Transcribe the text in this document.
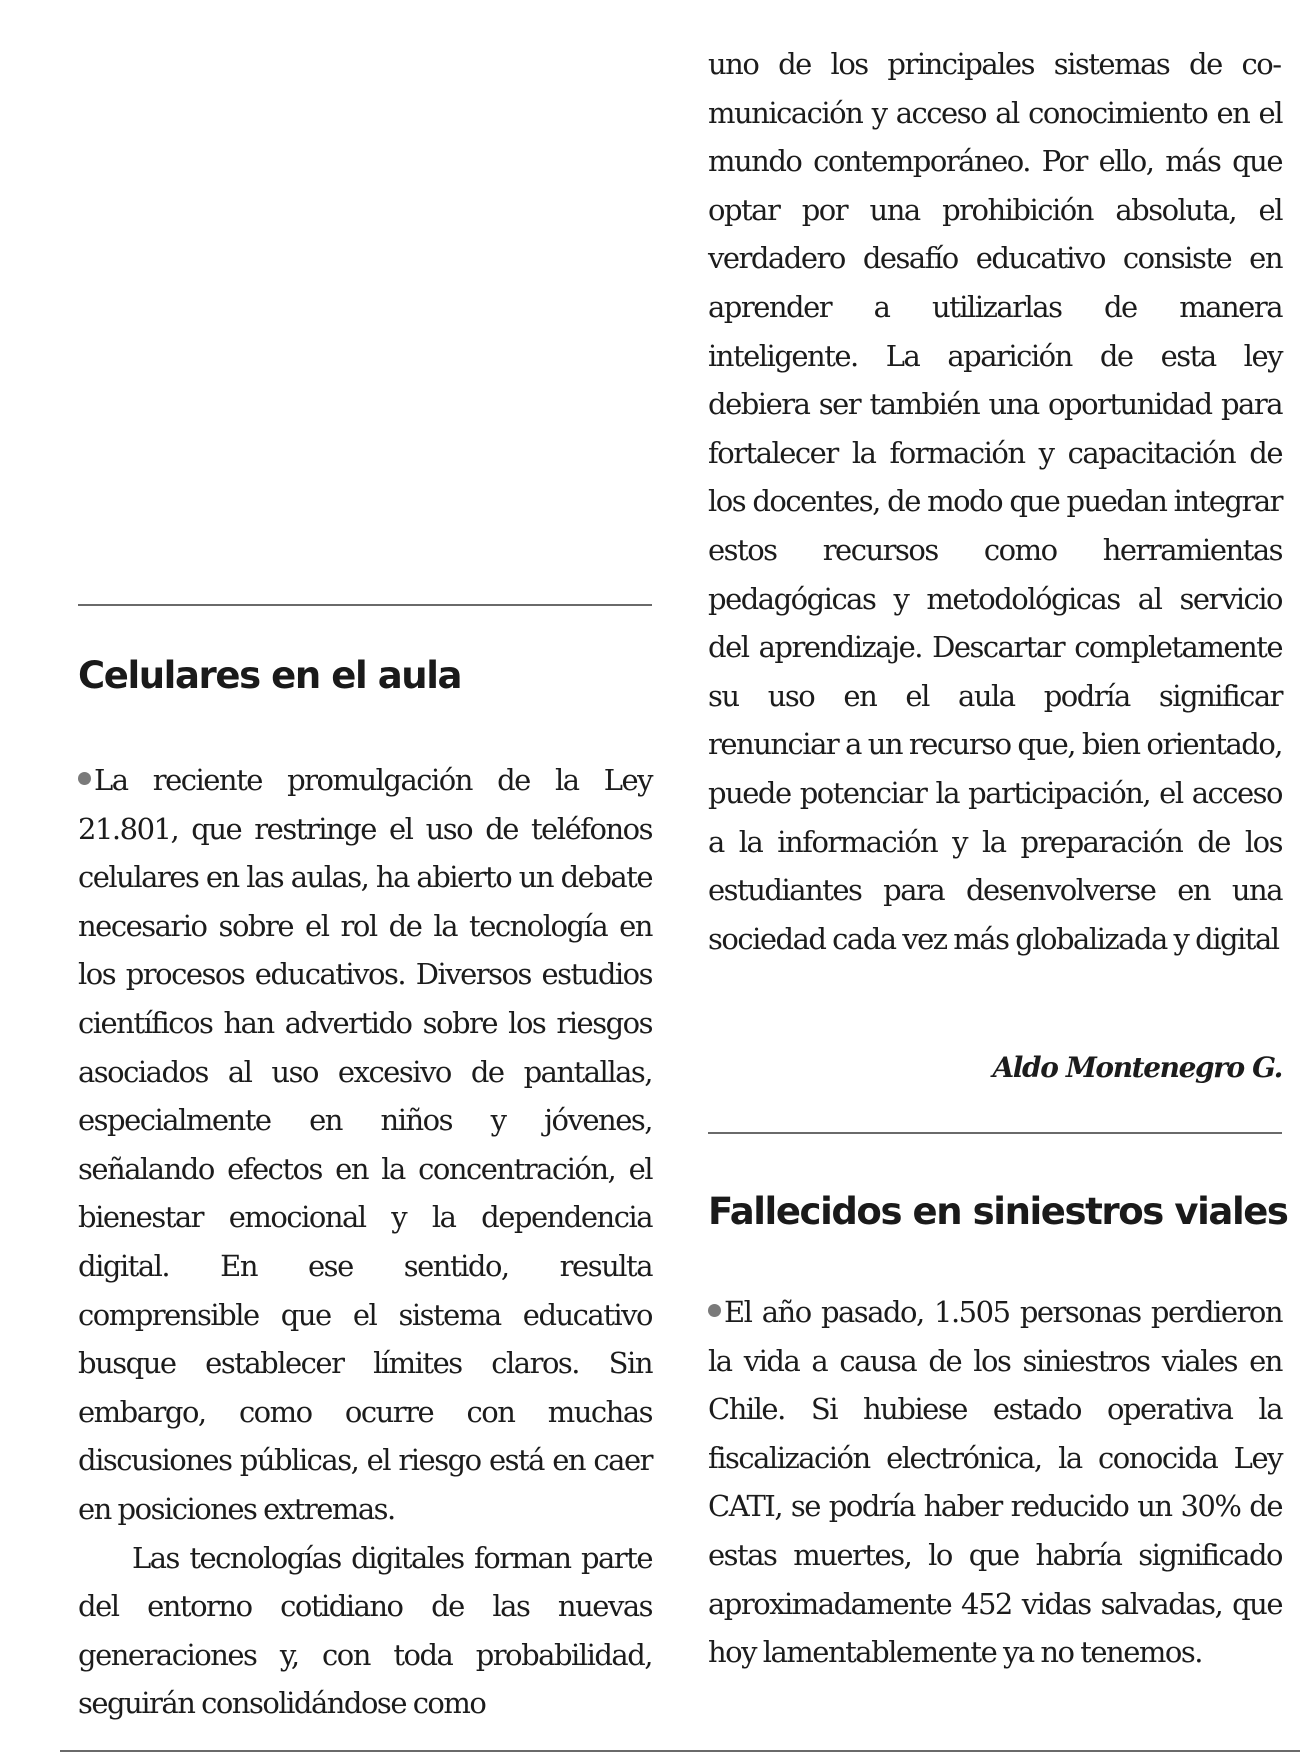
Celulares en el aula

La reciente promulgación de la Ley 21.801, que restringe el uso de teléfonos celulares en las aulas, ha abierto un debate necesario sobre el rol de la tecnología en los procesos educativos. Diversos estudios científicos han advertido sobre los riesgos asociados al uso excesivo de pantallas, especialmente en niños y jóvenes, señalando efectos en la concentración, el bienestar emocional y la dependencia digital. En ese sentido, resulta comprensible que el sistema educativo busque establecer límites claros. Sin embargo, como ocurre con muchas discusiones públicas, el riesgo está en caer en posiciones extremas.

Las tecnologías digitales forman parte del entorno cotidiano de las nuevas generaciones y, con toda probabilidad, seguirán consolidándose como

uno de los principales sistemas de comunicación y acceso al conocimiento en el mundo contemporáneo. Por ello, más que optar por una prohibición absoluta, el verdadero desafío educativo consiste en aprender a utilizarlas de manera inteligente. La aparición de esta ley debiera ser también una oportunidad para fortalecer la formación y capacitación de los docentes, de modo que puedan integrar estos recursos como herramientas pedagógicas y metodológicas al servicio del aprendizaje. Descartar completamente su uso en el aula podría significar renunciar a un recurso que, bien orientado, puede potenciar la participación, el acceso a la información y la preparación de los estudiantes para desenvolverse en una sociedad cada vez más globalizada y digital

Aldo Montenegro G.

Fallecidos en siniestros viales

El año pasado, 1.505 personas perdieron la vida a causa de los siniestros viales en Chile. Si hubiese estado operativa la fiscalización electrónica, la conocida Ley CATI, se podría haber reducido un 30% de estas muertes, lo que habría significado aproximadamente 452 vidas salvadas, que hoy lamentablemente ya no tenemos.
